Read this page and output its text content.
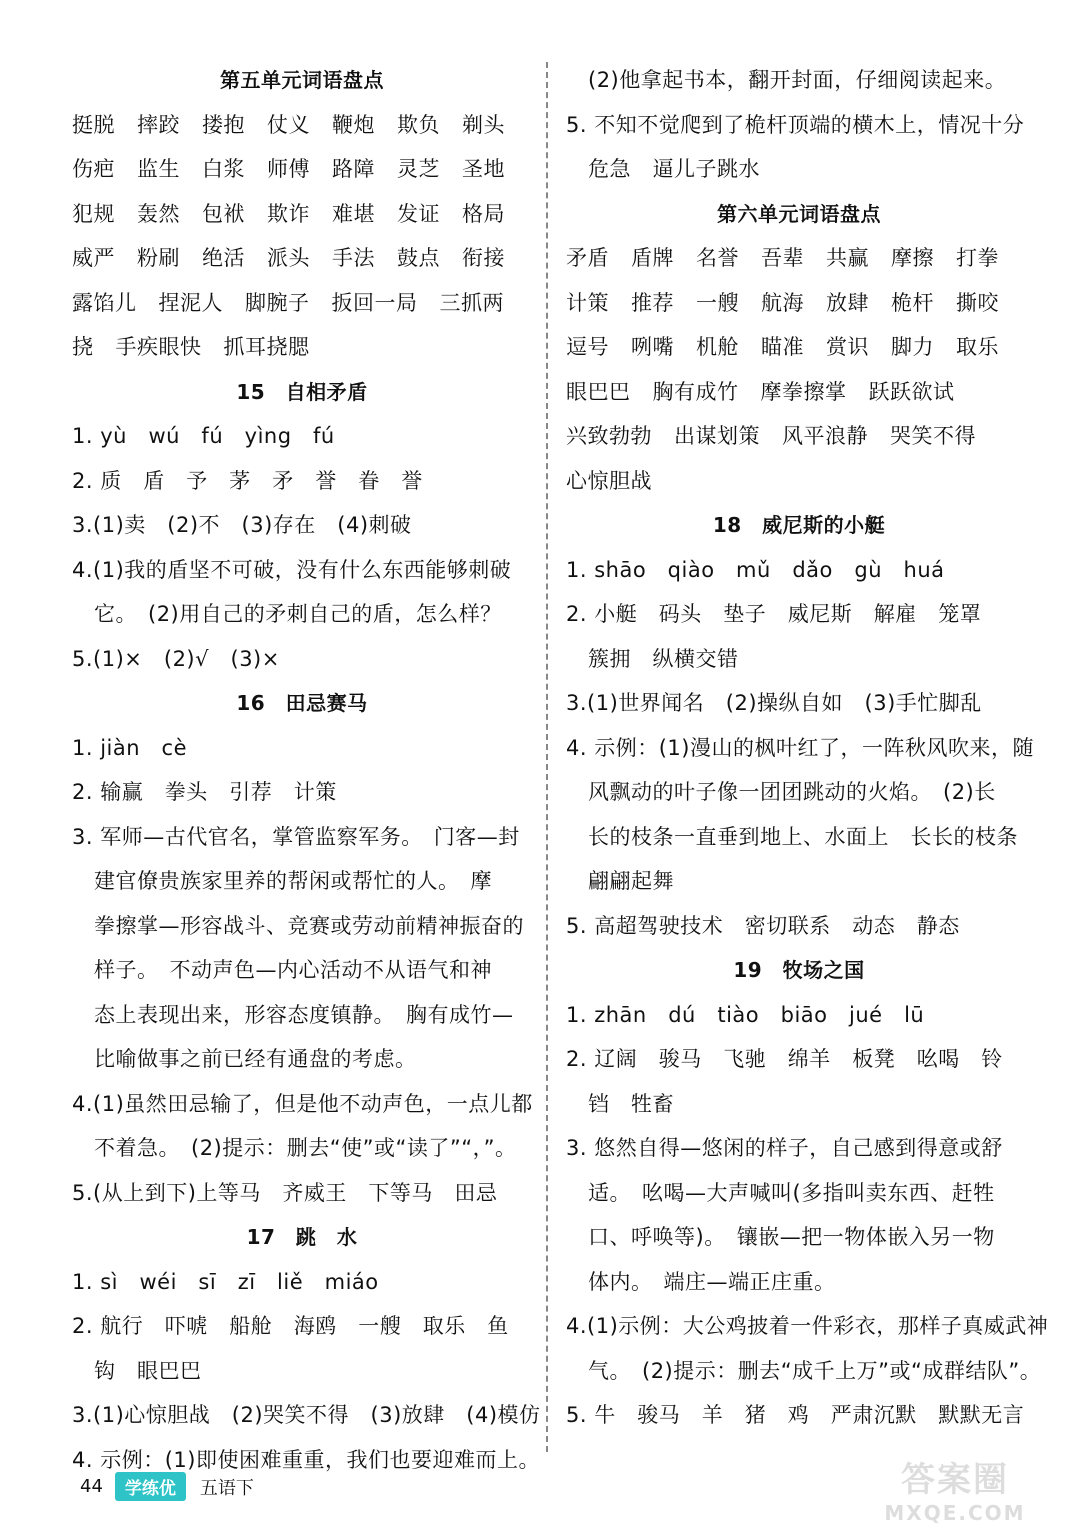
第五单元词语盘点
挺脱 摔跤 搂抱 仗义 鞭炮 欺负 剃头
伤疤 监生 白浆 师傅 路障 灵芝 圣地
犯规 轰然 包袱 欺诈 难堪 发证 格局
威严 粉刷 绝活 派头 手法 鼓点 衔接
露馅儿 捏泥人 脚腕子 扳回一局 三抓两
挠 手疾眼快 抓耳挠腮
15　自相矛盾
1. yù　wú　fú　yìng　fú
2. 质　盾　予　茅　矛　誉　眷　誉
3.(1)卖　(2)不　(3)存在　(4)刺破
4.(1)我的盾坚不可破，没有什么东西能够刺破
它。　(2)用自己的矛刺自己的盾，怎么样？
5.(1)×　(2)√　(3)×
16　田忌赛马
1. jiàn　cè
2. 输赢　拳头　引荐　计策
3. 军师—古代官名，掌管监察军务。　门客—封
建官僚贵族家里养的帮闲或帮忙的人。　摩
拳擦掌—形容战斗、竞赛或劳动前精神振奋的
样子。　不动声色—内心活动不从语气和神
态上表现出来，形容态度镇静。　胸有成竹—
比喻做事之前已经有通盘的考虑。
4.(1)虽然田忌输了，但是他不动声色，一点儿都
不着急。　(2)提示：删去“使”或“读了”“，”。
5.(从上到下)上等马　齐威王　下等马　田忌
17　跳　水
1. sì　wéi　sī　zī　liě　miáo
2. 航行　吓唬　船舱　海鸥　一艘　取乐　鱼
钩　眼巴巴
3.(1)心惊胆战　(2)哭笑不得　(3)放肆　(4)模仿
4. 示例：(1)即使困难重重，我们也要迎难而上。
(2)他拿起书本，翻开封面，仔细阅读起来。
5. 不知不觉爬到了桅杆顶端的横木上，情况十分
危急　逼儿子跳水
第六单元词语盘点
矛盾 盾牌 名誉 吾辈 共赢 摩擦 打拳
计策 推荐 一艘 航海 放肆 桅杆 撕咬
逗号 咧嘴 机舱 瞄准 赏识 脚力 取乐
眼巴巴 胸有成竹 摩拳擦掌 跃跃欲试
兴致勃勃 出谋划策 风平浪静 哭笑不得
心惊胆战
18　威尼斯的小艇
1. shāo　qiào　mǔ　dǎo　gù　huá
2. 小艇　码头　垫子　威尼斯　解雇　笼罩
簇拥　纵横交错
3.(1)世界闻名　(2)操纵自如　(3)手忙脚乱
4. 示例：(1)漫山的枫叶红了，一阵秋风吹来，随
风飘动的叶子像一团团跳动的火焰。　(2)长
长的枝条一直垂到地上、水面上　长长的枝条
翩翩起舞
5. 高超驾驶技术　密切联系　动态　静态
19　牧场之国
1. zhān　dú　tiào　biāo　jué　lū
2. 辽阔　骏马　飞驰　绵羊　板凳　吆喝　铃
铛　牲畜
3. 悠然自得—悠闲的样子，自己感到得意或舒
适。　吆喝—大声喊叫(多指叫卖东西、赶牲
口、呼唤等)。　镶嵌—把一物体嵌入另一物
体内。　端庄—端正庄重。
4.(1)示例：大公鸡披着一件彩衣，那样子真威武神
气。　(2)提示：删去“成千上万”或“成群结队”。
5. 牛　骏马　羊　猪　鸡　严肃沉默　默默无言
44	学练优	五语下	答案圈
MXQE.COM
